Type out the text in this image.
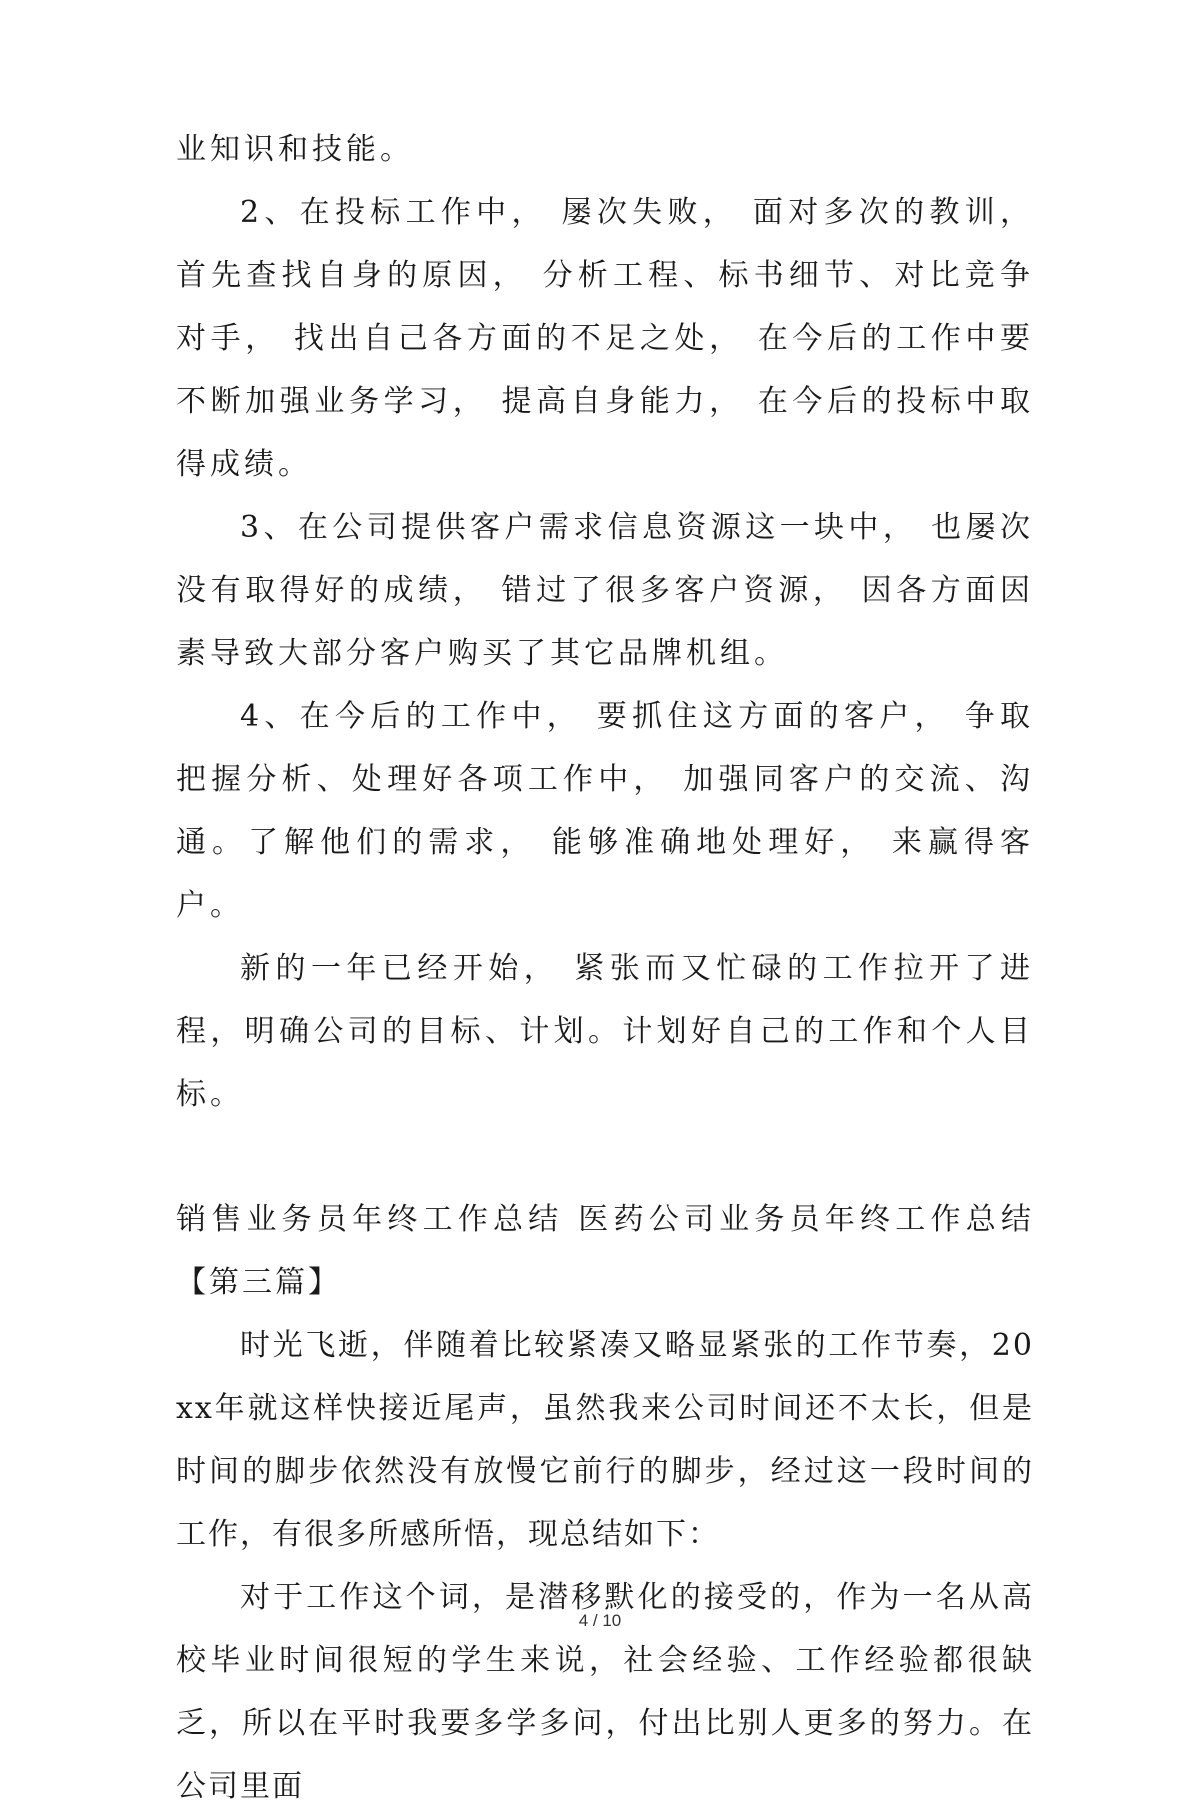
业知识和技能。

2、在投标工作中， 屡次失败， 面对多次的教训， 首先查找自身的原因， 分析工程、标书细节、对比竞争对手， 找出自己各方面的不足之处， 在今后的工作中要不断加强业务学习， 提高自身能力， 在今后的投标中取得成绩。

3、在公司提供客户需求信息资源这一块中， 也屡次没有取得好的成绩， 错过了很多客户资源， 因各方面因素导致大部分客户购买了其它品牌机组。

4、在今后的工作中， 要抓住这方面的客户， 争取把握分析、处理好各项工作中， 加强同客户的交流、沟通。了解他们的需求， 能够准确地处理好， 来赢得客户。

新的一年已经开始， 紧张而又忙碌的工作拉开了进程，明确公司的目标、计划。计划好自己的工作和个人目标。

销售业务员年终工作总结 医药公司业务员年终工作总结【第三篇】

时光飞逝，伴随着比较紧凑又略显紧张的工作节奏，20xx年就这样快接近尾声，虽然我来公司时间还不太长，但是时间的脚步依然没有放慢它前行的脚步，经过这一段时间的工作，有很多所感所悟，现总结如下：

对于工作这个词，是潜移默化的接受的，作为一名从高校毕业时间很短的学生来说，社会经验、工作经验都很缺乏，所以在平时我要多学多问，付出比别人更多的努力。在公司里面

4 / 10
